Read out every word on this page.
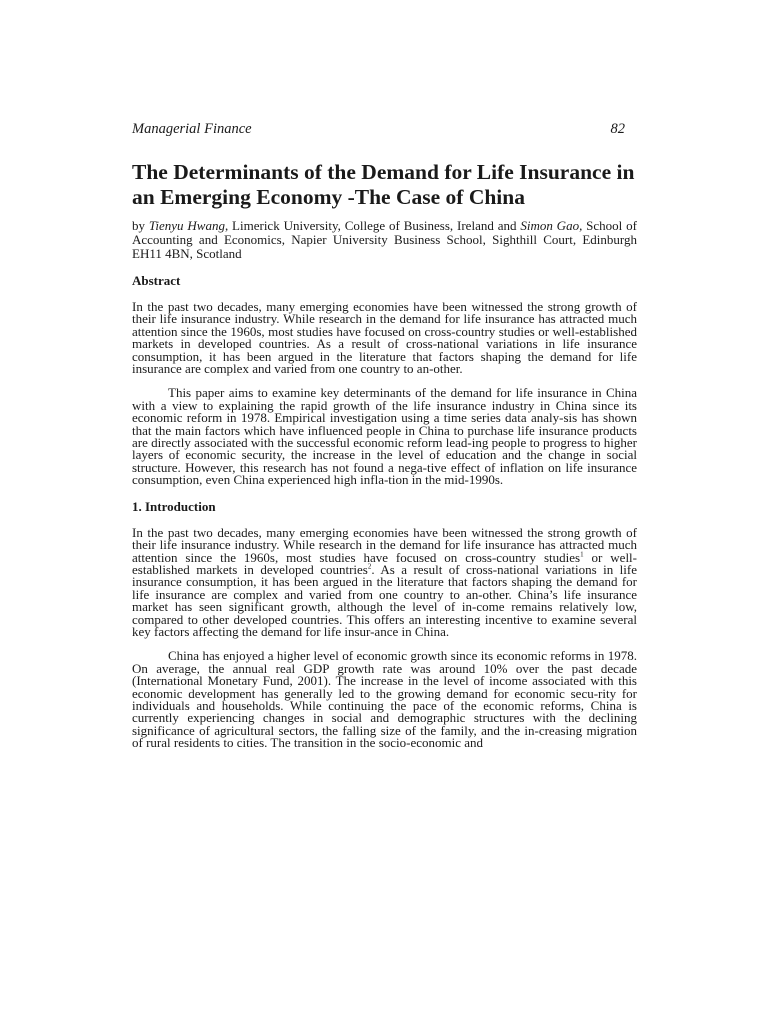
Managerial Finance	82
The Determinants of the Demand for Life Insurance in an Emerging Economy -The Case of China
by Tienyu Hwang, Limerick University, College of Business, Ireland and Simon Gao, School of Accounting and Economics, Napier University Business School, Sighthill Court, Edinburgh EH11 4BN, Scotland
Abstract

In the past two decades, many emerging economies have been witnessed the strong growth of their life insurance industry. While research in the demand for life insurance has attracted much attention since the 1960s, most studies have focused on cross-country studies or well-established markets in developed countries. As a result of cross-national variations in life insurance consumption, it has been argued in the literature that factors shaping the demand for life insurance are complex and varied from one country to an-other.

This paper aims to examine key determinants of the demand for life insurance in China with a view to explaining the rapid growth of the life insurance industry in China since its economic reform in 1978. Empirical investigation using a time series data analy-sis has shown that the main factors which have influenced people in China to purchase life insurance products are directly associated with the successful economic reform lead-ing people to progress to higher layers of economic security, the increase in the level of education and the change in social structure. However, this research has not found a nega-tive effect of inflation on life insurance consumption, even China experienced high infla-tion in the mid-1990s.

1. Introduction

In the past two decades, many emerging economies have been witnessed the strong growth of their life insurance industry. While research in the demand for life insurance has attracted much attention since the 1960s, most studies have focused on cross-country studies$^1$ or well-established markets in developed countries$^2$. As a result of cross-national variations in life insurance consumption, it has been argued in the literature that factors shaping the demand for life insurance are complex and varied from one country to an-other. China’s life insurance market has seen significant growth, although the level of in-come remains relatively low, compared to other developed countries. This offers an interesting incentive to examine several key factors affecting the demand for life insur-ance in China.

China has enjoyed a higher level of economic growth since its economic reforms in 1978. On average, the annual real GDP growth rate was around 10% over the past decade (International Monetary Fund, 2001). The increase in the level of income associated with this economic development has generally led to the growing demand for economic secu-rity for individuals and households. While continuing the pace of the economic reforms, China is currently experiencing changes in social and demographic structures with the declining significance of agricultural sectors, the falling size of the family, and the in-creasing migration of rural residents to cities. The transition in the socio-economic and
